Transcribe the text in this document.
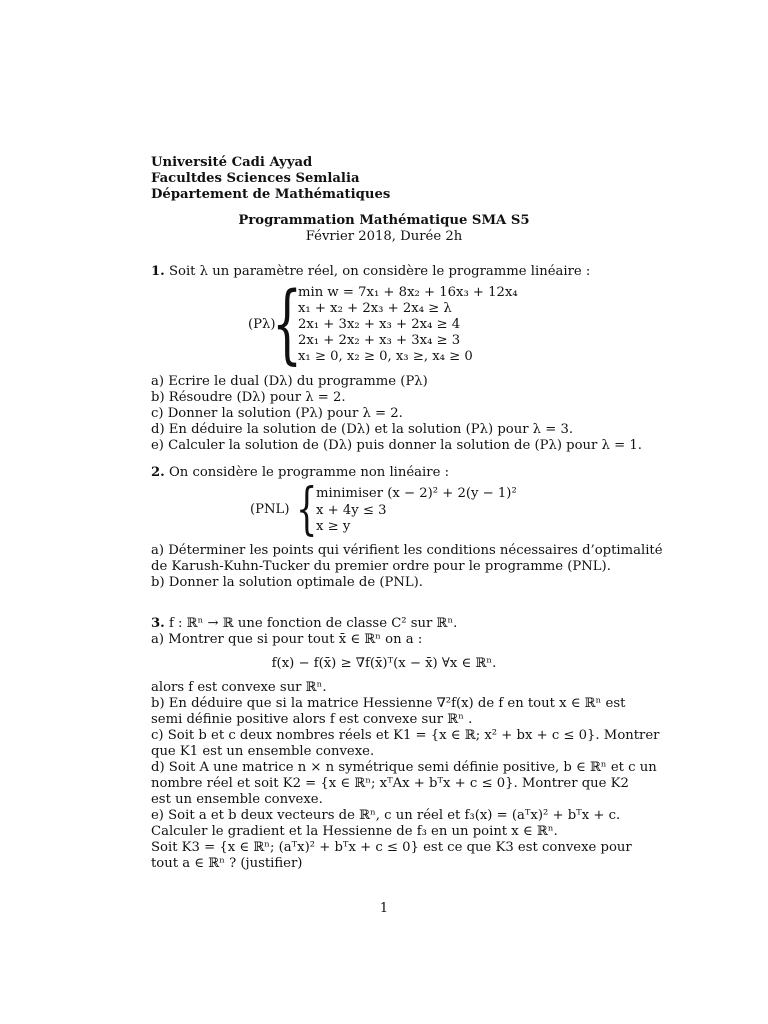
Université Cadi Ayyad
Facultdes Sciences Semlalia
Département de Mathématiques
Programmation Mathématique SMA S5
Février 2018, Durée 2h
1. Soit λ un paramètre réel, on considère le programme linéaire :
(Pλ)
{
min w = 7x₁ + 8x₂ + 16x₃ + 12x₄
x₁ + x₂ + 2x₃ + 2x₄ ≥ λ
2x₁ + 3x₂ + x₃ + 2x₄ ≥ 4
2x₁ + 2x₂ + x₃ + 3x₄ ≥ 3
x₁ ≥ 0, x₂ ≥ 0, x₃ ≥, x₄ ≥ 0
a) Ecrire le dual (Dλ) du programme (Pλ)
b) Résoudre (Dλ) pour λ = 2.
c) Donner la solution (Pλ) pour λ = 2.
d) En déduire la solution de (Dλ) et la solution (Pλ) pour λ = 3.
e) Calculer la solution de (Dλ) puis donner la solution de (Pλ) pour λ = 1.
2. On considère le programme non linéaire :
(PNL) {
minimiser (x − 2)² + 2(y − 1)²
x + 4y ≤ 3
x ≥ y
a) Déterminer les points qui vérifient les conditions nécessaires d’optimalité
de Karush-Kuhn-Tucker du premier ordre pour le programme (PNL).
b) Donner la solution optimale de (PNL).
3. f : ℝⁿ → ℝ une fonction de classe C² sur ℝⁿ.
a) Montrer que si pour tout x̄ ∈ ℝⁿ on a :
f(x) − f(x̄) ≥ ∇f(x̄)ᵀ(x − x̄) ∀x ∈ ℝⁿ.
alors f est convexe sur ℝⁿ.
b) En déduire que si la matrice Hessienne ∇²f(x) de f en tout x ∈ ℝⁿ est
semi définie positive alors f est convexe sur ℝⁿ .
c) Soit b et c deux nombres réels et K1 = {x ∈ ℝ; x² + bx + c ≤ 0}. Montrer
que K1 est un ensemble convexe.
d) Soit A une matrice n × n symétrique semi définie positive, b ∈ ℝⁿ et c un
nombre réel et soit K2 = {x ∈ ℝⁿ; xᵀAx + bᵀx + c ≤ 0}. Montrer que K2
est un ensemble convexe.
e) Soit a et b deux vecteurs de ℝⁿ, c un réel et f₃(x) = (aᵀx)² + bᵀx + c.
Calculer le gradient et la Hessienne de f₃ en un point x ∈ ℝⁿ.
Soit K3 = {x ∈ ℝⁿ; (aᵀx)² + bᵀx + c ≤ 0} est ce que K3 est convexe pour
tout a ∈ ℝⁿ ? (justifier)
1
